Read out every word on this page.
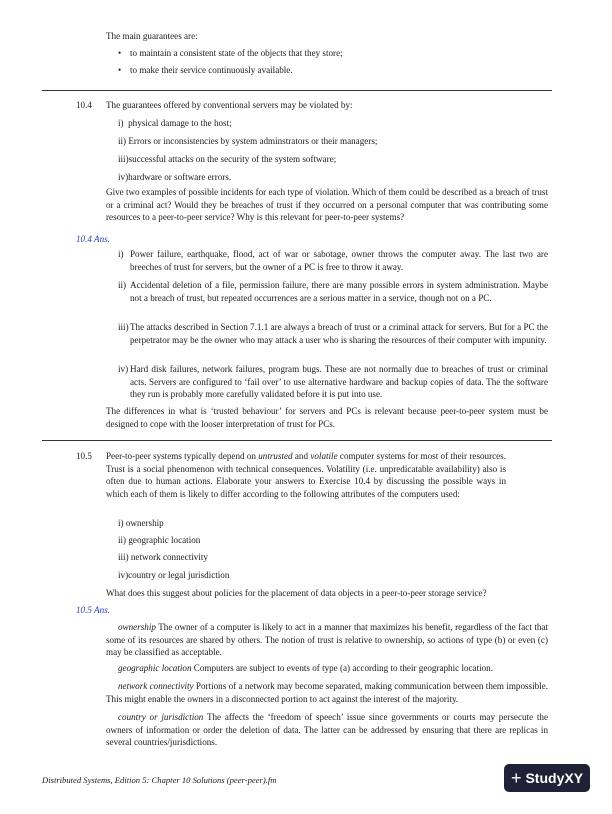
The main guarantees are:

• to maintain a consistent state of the objects that they store;

• to make their service continuously available.

10.4 The guarantees offered by conventional servers may be violated by:

i) physical damage to the host;

ii) Errors or inconsistencies by system adminstrators or their managers;

iii)successful attacks on the security of the system software;

iv)hardware or software errors.

Give two examples of possible incidents for each type of violation. Which of them could be described as a breach of trust or a criminal act? Would they be breaches of trust if they occurred on a personal computer that was contributing some resources to a peer-to-peer service? Why is this relevant for peer-to-peer systems?

10.4 Ans.

i) Power failure, earthquake, flood, act of war or sabotage, owner throws the computer away. The last two are breeches of trust for servers, but the owner of a PC is free to throw it away.
ii) Accidental deletion of a file, permission failure, there are many possible errors in system administration. Maybe not a breach of trust, but repeated occurrences are a serious matter in a service, though not on a PC.
iii) The attacks described in Section 7.1.1 are always a breach of trust or a criminal attack for servers. But for a PC the perpetrator may be the owner who may attack a user who is sharing the resources of their computer with impunity.
iv) Hard disk failures, network failures, program bugs. These are not normally due to breaches of trust or criminal acts. Servers are configured to ‘fail over’ to use alternative hardware and backup copies of data. The the software they run is probably more carefully validated before it is put into use.

The differences in what is ‘trusted behaviour’ for servers and PCs is relevant because peer-to-peer system must be designed to cope with the looser interpretation of trust for PCs.

10.5 Peer-to-peer systems typically depend on untrusted and volatile computer systems for most of their resources. Trust is a social phenomenon with technical consequences. Volatility (i.e. unpredicatable availability) also is often due to human actions. Elaborate your answers to Exercise 10.4 by discussing the possible ways in which each of them is likely to differ according to the following attributes of the computers used:

i) ownership

ii) geographic location

iii) network connectivity

iv)country or legal jurisdiction

What does this suggest about policies for the placement of data objects in a peer-to-peer storage service?

10.5 Ans.

ownership The owner of a computer is likely to act in a manner that maximizes his benefit, regardless of the fact that some of its resources are shared by others. The notion of trust is relative to ownership, so actions of type (b) or even (c) may be classified as acceptable.

geographic location Computers are subject to events of type (a) according to their geographic location.

network connectivity Portions of a network may become separated, making communication between them impossible. This might enable the owners in a disconnected portion to act against the interest of the majority.

country or jurisdiction The affects the ‘freedom of speech’ issue since governments or courts may persecute the owners of information or order the deletion of data. The latter can be addressed by ensuring that there are replicas in several countries/jurisdictions.

Distributed Systems, Edition 5: Chapter 10 Solutions (peer-peer).fm	+ StudyXY
